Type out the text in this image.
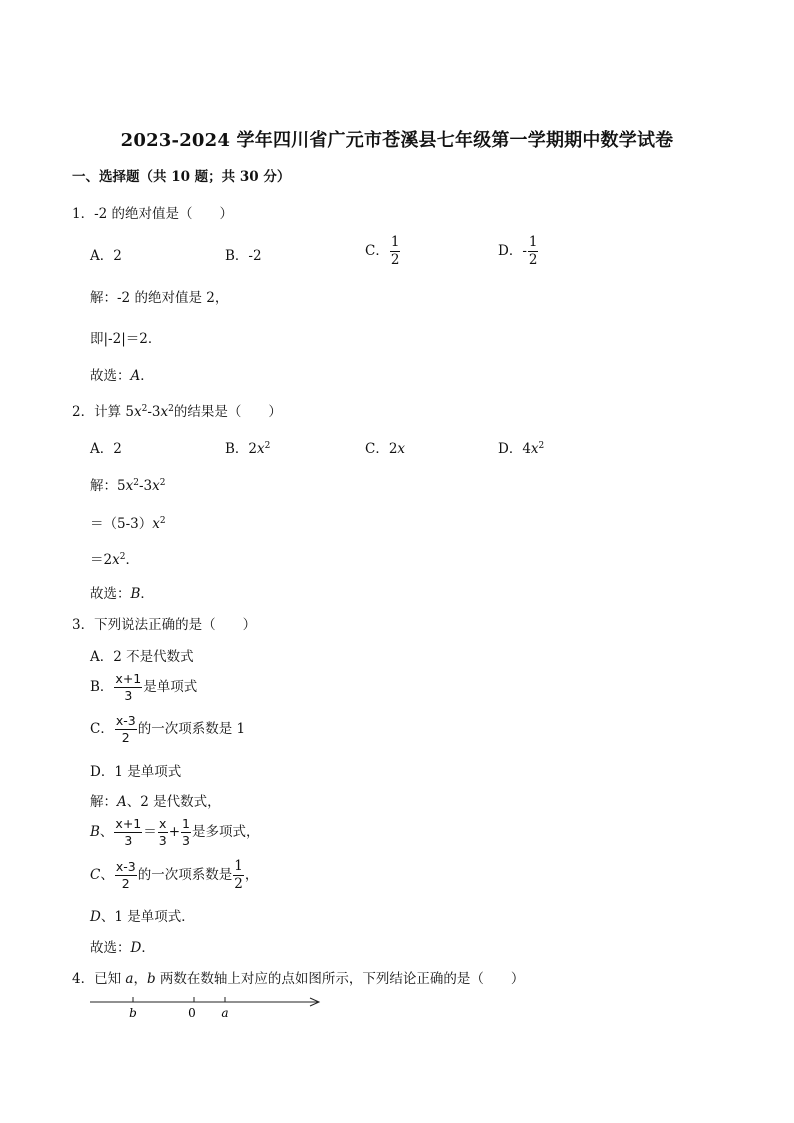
2023-2024 学年四川省广元市苍溪县七年级第一学期期中数学试卷
一、选择题（共 10 题；共 30 分）
1．-2 的绝对值是（　　）
A．2	B．-2	C． $\frac{1}{2}$	D．- $\frac{1}{2}$
解：-2 的绝对值是 2，
即|-2|＝2．
故选：A．
2．计算 $5x^2-3x^2$的结果是（　　）
A．2	B．$2x^2$	C．2x	D．$4x^2$
解：$5x^2-3x^2$
$=(5-3)x^2$
$=2x^2$．
故选：B．
3．下列说法正确的是（　　）
A．2 不是代数式
B． $\frac{x+1}{3}$ 是单项式
C． $\frac{x-3}{2}$ 的一次项系数是 1
D．1 是单项式
解：A、2 是代数式，
B、 $\frac{x+1}{3} = \frac{x}{3} + \frac{1}{3}$ 是多项式，
C、 $\frac{x-3}{2}$ 的一次项系数是 $\frac{1}{2}$ ，
D、1 是单项式．
故选：D．
4．已知 a，b 两数在数轴上对应的点如图所示，下列结论正确的是（　　）
b	0 a
